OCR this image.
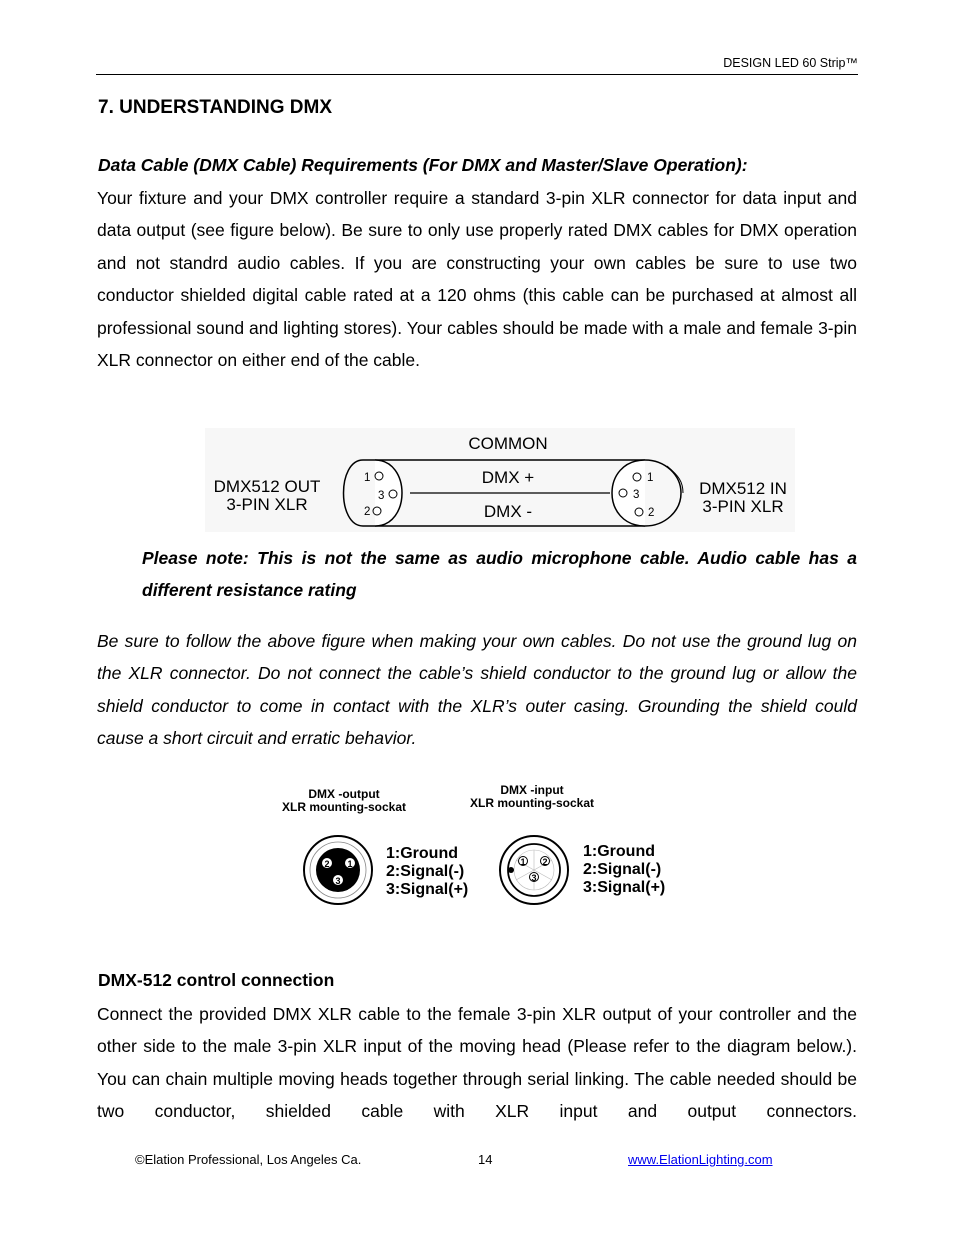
DESIGN LED 60 Strip™
7. UNDERSTANDING DMX
Data Cable (DMX Cable) Requirements (For DMX and Master/Slave Operation):

Your fixture and your DMX controller require a standard 3-pin XLR connector for data input and data output (see figure below). Be sure to only use properly rated DMX cables for DMX operation and not standrd audio cables. If you are constructing your own cables be sure to use two conductor shielded digital cable rated at a 120 ohms (this cable can be purchased at almost all professional sound and lighting stores). Your cables should be made with a male and female 3-pin XLR connector on either end of the cable.

DMX512 OUT
3-PIN XLR
DMX512 IN
3-PIN XLR
COMMON
DMX +
DMX -
1
3
2
1
3
2

Please note: This is not the same as audio microphone cable. Audio cable has a different resistance rating

Be sure to follow the above figure when making your own cables. Do not use the ground lug on the XLR connector. Do not connect the cable’s shield conductor to the ground lug or allow the shield conductor to come in contact with the XLR’s outer casing. Grounding the shield could cause a short circuit and erratic behavior.

DMX -output
XLR mounting-sockat
DMX -input
XLR mounting-sockat
2 1
3
1:Ground
2:Signal(-)
3:Signal(+)
1 2
3
1:Ground
2:Signal(-)
3:Signal(+)
DMX-512 control connection

Connect the provided DMX XLR cable to the female 3-pin XLR output of your controller and the other side to the male 3-pin XLR input of the moving head (Please refer to the diagram below.). You can chain multiple moving heads together through serial linking. The cable needed should be two conductor, shielded cable with XLR input and output connectors.

©Elation Professional, Los Angeles Ca.	14	www.ElationLighting.com
